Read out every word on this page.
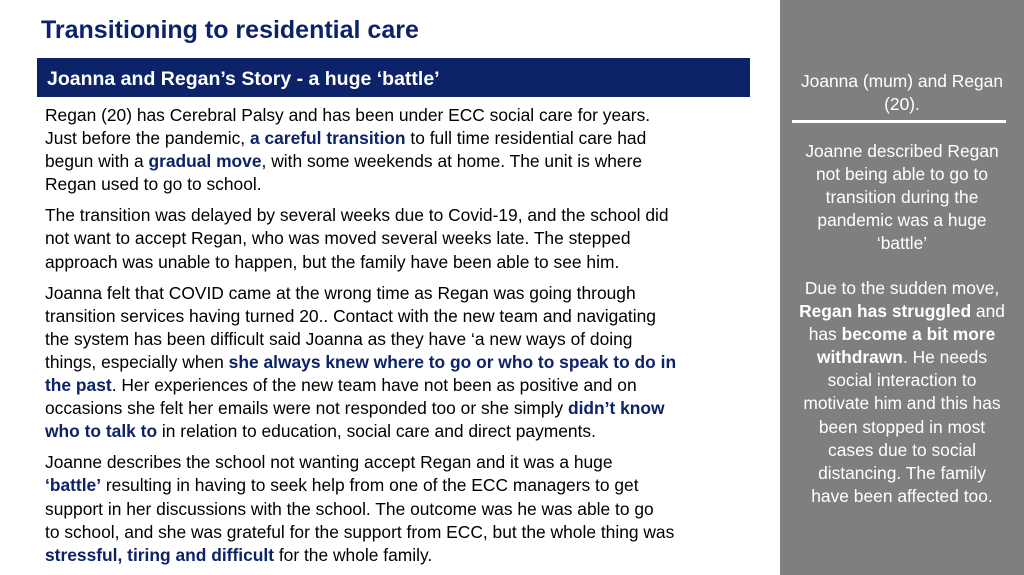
Transitioning to residential care
Joanna and Regan’s Story - a huge ‘battle’

Regan (20) has Cerebral Palsy and has been under ECC social care for years.
Just before the pandemic, a careful transition to full time residential care had
begun with a gradual move, with some weekends at home. The unit is where
Regan used to go to school.

The transition was delayed by several weeks due to Covid-19, and the school did
not want to accept Regan, who was moved several weeks late. The stepped
approach was unable to happen, but the family have been able to see him.

Joanna felt that COVID came at the wrong time as Regan was going through
transition services having turned 20.. Contact with the new team and navigating
the system has been difficult said Joanna as they have ‘a new ways of doing
things, especially when she always knew where to go or who to speak to do in
the past. Her experiences of the new team have not been as positive and on
occasions she felt her emails were not responded too or she simply didn’t know
who to talk to in relation to education, social care and direct payments.

Joanne describes the school not wanting accept Regan and it was a huge
‘battle’ resulting in having to seek help from one of the ECC managers to get
support in her discussions with the school. The outcome was he was able to go
to school, and she was grateful for the support from ECC, but the whole thing was
stressful, tiring and difficult for the whole family.

Joanna (mum) and Regan
(20).
Joanne described Regan
not being able to go to
transition during the
pandemic was a huge
‘battle’
Due to the sudden move,
Regan has struggled and
has become a bit more
withdrawn. He needs
social interaction to
motivate him and this has
been stopped in most
cases due to social
distancing. The family
have been affected too.
